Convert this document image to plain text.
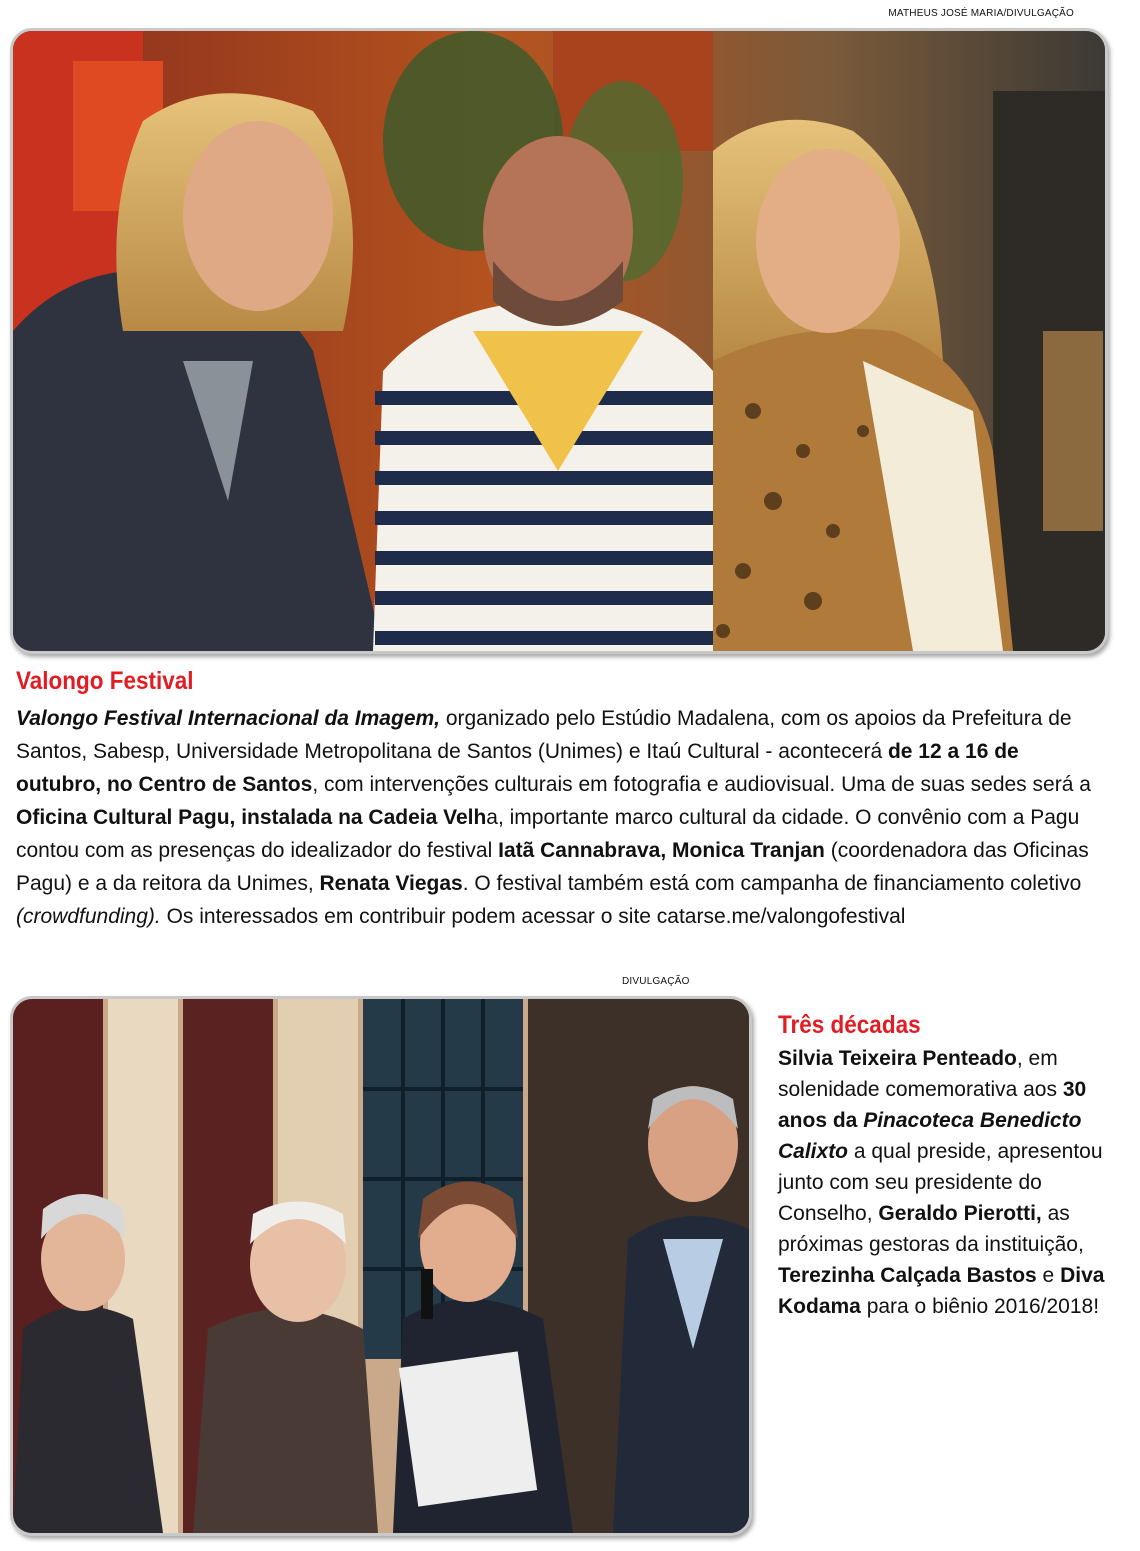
MATHEUS JOSÉ MARIA/DIVULGAÇÃO
Valongo Festival

Valongo Festival Internacional da Imagem, organizado pelo Estúdio Madalena, com os apoios da Prefeitura de Santos, Sabesp, Universidade Metropolitana de Santos (Unimes) e Itaú Cultural - acontecerá de 12 a 16 de outubro, no Centro de Santos, com intervenções culturais em fotografia e audiovisual. Uma de suas sedes será a Oficina Cultural Pagu, instalada na Cadeia Velha, importante marco cultural da cidade. O convênio com a Pagu contou com as presenças do idealizador do festival Iatã Cannabrava, Monica Tranjan (coordenadora das Oficinas Pagu) e a da reitora da Unimes, Renata Viegas. O festival também está com campanha de financiamento coletivo (crowdfunding). Os interessados em contribuir podem acessar o site catarse.me/valongofestival

DIVULGAÇÃO
Três décadas

Silvia Teixeira Penteado, em solenidade comemorativa aos 30 anos da Pinacoteca Benedicto Calixto a qual preside, apresentou junto com seu presidente do Conselho, Geraldo Pierotti, as próximas gestoras da instituição, Terezinha Calçada Bastos e Diva Kodama para o biênio 2016/2018!
